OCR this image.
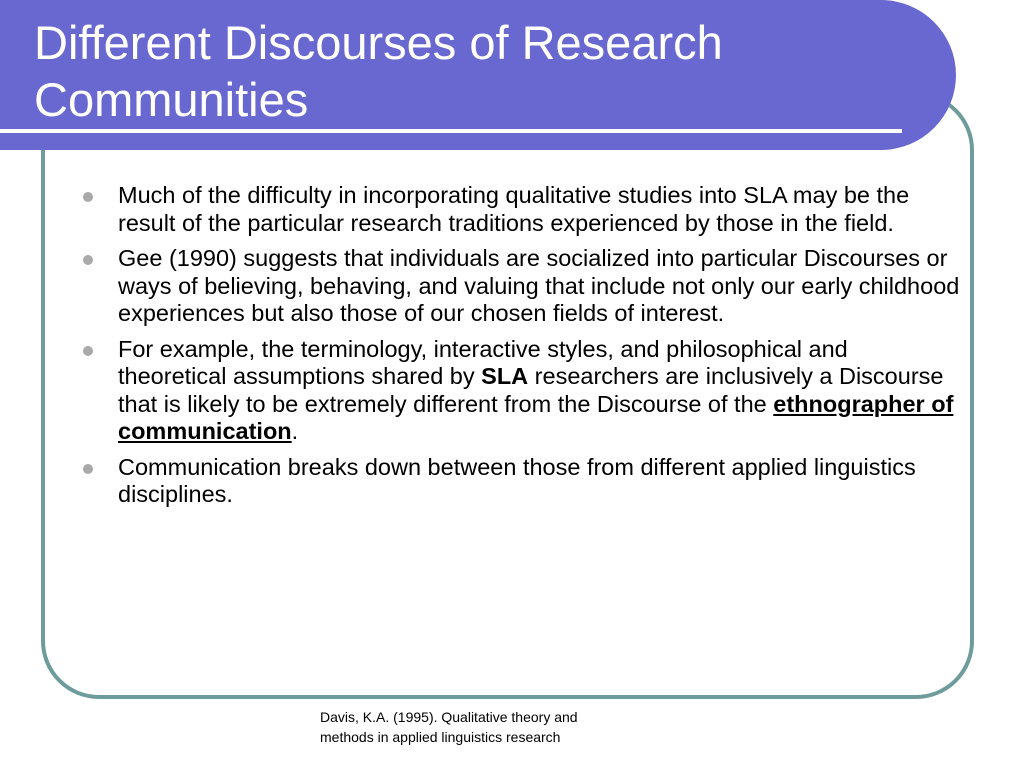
Different Discourses of Research
Communities
Much of the difficulty in incorporating qualitative studies into SLA may be the result of the particular research traditions experienced by those in the field.
Gee (1990) suggests that individuals are socialized into particular Discourses or ways of believing, behaving, and valuing that include not only our early childhood experiences but also those of our chosen fields of interest.
For example, the terminology, interactive styles, and philosophical and theoretical assumptions shared by SLA researchers are inclusively a Discourse that is likely to be extremely different from the Discourse of the ethnographer of communication.
Communication breaks down between those from different applied linguistics disciplines.
Davis, K.A. (1995). Qualitative theory and
methods in applied linguistics research
